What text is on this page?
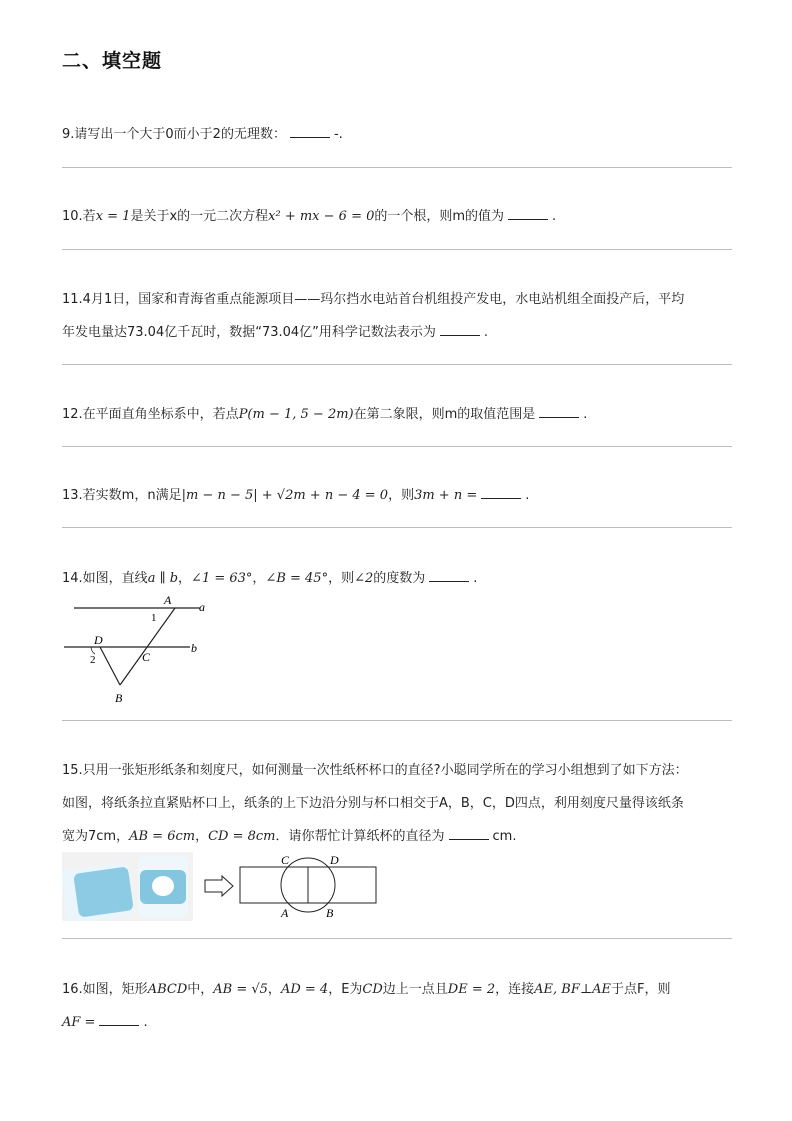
二、填空题
9.请写出一个大于0而小于2的无理数：	-.
10.若x = 1是关于x的一元二次方程x² + mx − 6 = 0的一个根，则m的值为	.
11.4月1日，国家和青海省重点能源项目——玛尔挡水电站首台机组投产发电，水电站机组全面投产后，平均
年发电量达73.04亿千瓦时，数据“73.04亿”用科学记数法表示为	.
12.在平面直角坐标系中，若点P(m − 1, 5 − 2m)在第二象限，则m的取值范围是	.
13.若实数m，n满足|m − n − 5| + √2m + n − 4 = 0，则3m + n =	.
14.如图，直线a ∥ b，∠1 = 63°，∠B = 45°，则∠2的度数为	.
A a
1
D
2	C
b
B
15.只用一张矩形纸条和刻度尺，如何测量一次性纸杯杯口的直径?小聪同学所在的学习小组想到了如下方法：
如图，将纸条拉直紧贴杯口上，纸条的上下边沿分别与杯口相交于A，B，C，D四点，利用刻度尺量得该纸条
宽为7cm，AB = 6cm，CD = 8cm．请你帮忙计算纸杯的直径为	cm.
C	D
A	B
16.如图，矩形ABCD中，AB = √5，AD = 4，E为CD边上一点且DE = 2，连接AE, BF⊥AE于点F，则
AF =	.
